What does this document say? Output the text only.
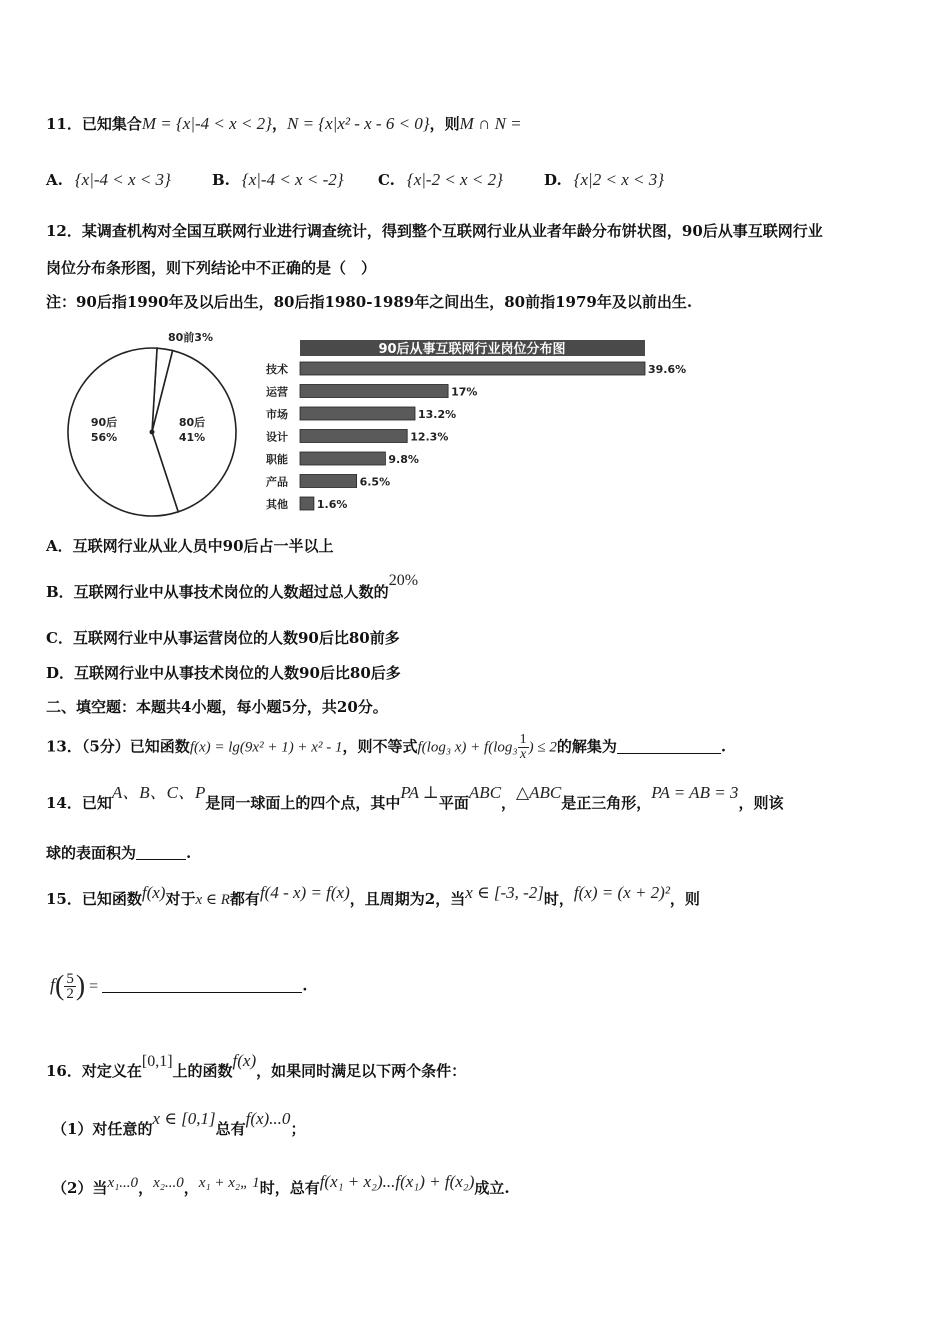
11．已知集合M = {x|-4 < x < 2}，N = {x|x² - x - 6 < 0}，则M ∩ N =
A. {x|-4 < x < 3}	B. {x|-4 < x < -2} C. {x|-2 < x < 2}	D. {x|2 < x < 3}
12．某调查机构对全国互联网行业进行调查统计，得到整个互联网行业从业者年龄分布饼状图，90后从事互联网行业
岗位分布条形图，则下列结论中不正确的是（　）
注：90后指1990年及以后出生，80后指1980-1989年之间出生，80前指1979年及以前出生.
80前3%
90后
56%
80后
41%
90后从事互联网行业岗位分布图
技术	39.6%
运营	17%
市场	13.2%
设计	12.3%
职能	9.8%
产品	6.5%
其他	1.6%
A．互联网行业从业人员中90后占一半以上
B．互联网行业中从事技术岗位的人数超过总人数的20%
C．互联网行业中从事运营岗位的人数90后比80前多
D．互联网行业中从事技术岗位的人数90后比80后多
二、填空题：本题共4小题，每小题5分，共20分。
13．（5分）已知函数f(x) = lg(9x² + 1) + x² - 1，则不等式f(log₃ $x) + f(\log_3 \frac{1}{x}$ ) ≤ 2的解集为	.
14．已知A、B、C、P是同一球面上的四个点，其中PA ⊥平面ABC，△ABC是正三角形，PA = AB = 3，则该
球的表面积为	.
15．已知函数f(x)对于x ∈ R都有f(4 - x) = f(x)，且周期为2，当x ∈ [-3, -2]时，f(x) = (x + 2)²，则
$f( \frac{5}{2}$ ) =	.
16．对定义在[0,1]上的函数f(x)，如果同时满足以下两个条件：
（1）对任意的x ∈ [0,1]总有f(x)...0；
（2）当x₁...0，x₂...0，x₁ + x₂„ 1时，总有f(x₁ + x₂)...f(x₁) + f(x₂)成立.
